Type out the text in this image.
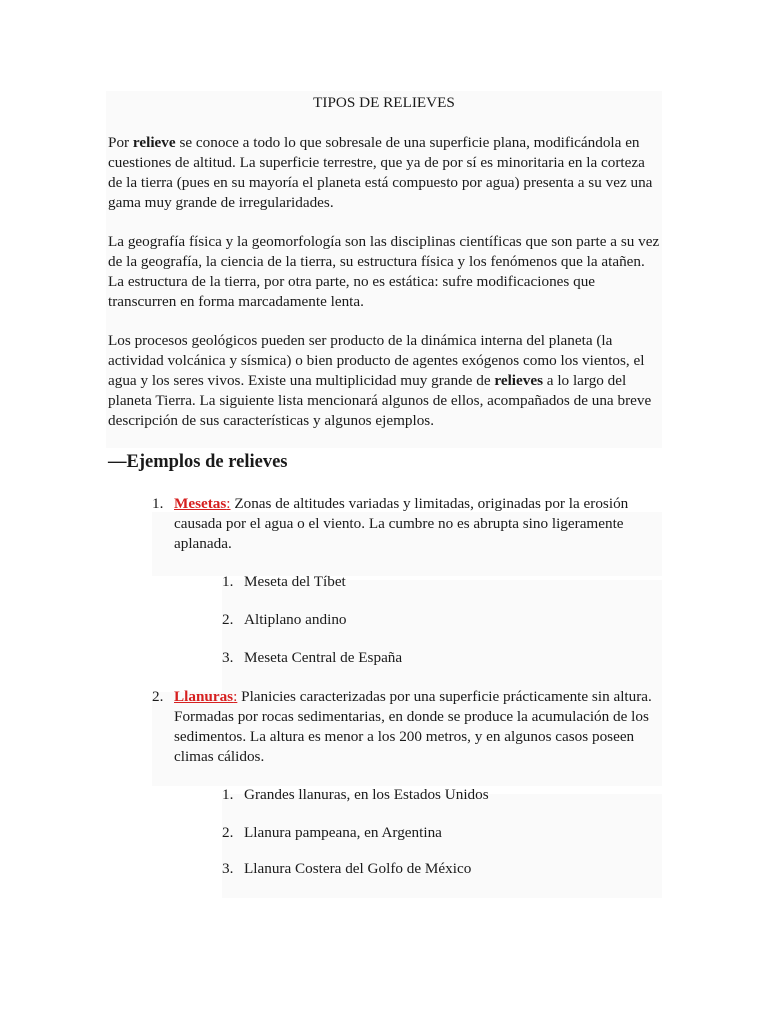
TIPOS DE RELIEVES

Por relieve se conoce a todo lo que sobresale de una superficie plana, modificándola en cuestiones de altitud. La superficie terrestre, que ya de por sí es minoritaria en la corteza de la tierra (pues en su mayoría el planeta está compuesto por agua) presenta a su vez una gama muy grande de irregularidades.

La geografía física y la geomorfología son las disciplinas científicas que son parte a su vez de la geografía, la ciencia de la tierra, su estructura física y los fenómenos que la atañen. La estructura de la tierra, por otra parte, no es estática: sufre modificaciones que transcurren en forma marcadamente lenta.

Los procesos geológicos pueden ser producto de la dinámica interna del planeta (la actividad volcánica y sísmica) o bien producto de agentes exógenos como los vientos, el agua y los seres vivos. Existe una multiplicidad muy grande de relieves a lo largo del planeta Tierra. La siguiente lista mencionará algunos de ellos, acompañados de una breve descripción de sus características y algunos ejemplos.

—Ejemplos de relieves
1. Mesetas: Zonas de altitudes variadas y limitadas, originadas por la erosión causada por el agua o el viento. La cumbre no es abrupta sino ligeramente aplanada.
1. Meseta del Tíbet
2. Altiplano andino
3. Meseta Central de España
2. Llanuras: Planicies caracterizadas por una superficie prácticamente sin altura. Formadas por rocas sedimentarias, en donde se produce la acumulación de los sedimentos. La altura es menor a los 200 metros, y en algunos casos poseen climas cálidos.
1. Grandes llanuras, en los Estados Unidos
2. Llanura pampeana, en Argentina
3. Llanura Costera del Golfo de México
